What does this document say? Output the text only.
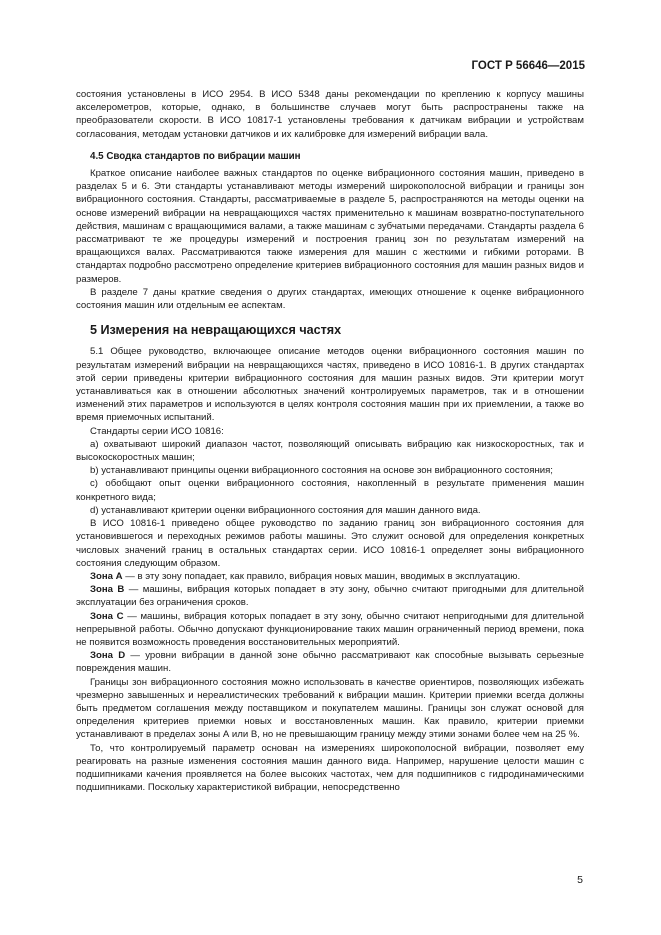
ГОСТ Р 56646—2015

состояния установлены в ИСО 2954. В ИСО 5348 даны рекомендации по креплению к корпусу машины акселерометров, которые, однако, в большинстве случаев могут быть распространены также на преобразователи скорости. В ИСО 10817-1 установлены требования к датчикам вибрации и устройствам согласования, методам установки датчиков и их калибровке для измерений вибрации вала.

4.5 Сводка стандартов по вибрации машин

Краткое описание наиболее важных стандартов по оценке вибрационного состояния машин, приведено в разделах 5 и 6. Эти стандарты устанавливают методы измерений широкополосной вибрации и границы зон вибрационного состояния. Стандарты, рассматриваемые в разделе 5, распространяются на методы оценки на основе измерений вибрации на невращающихся частях применительно к машинам возвратно-поступательного действия, машинам с вращающимися валами, а также машинам с зубчатыми передачами. Стандарты раздела 6 рассматривают те же процедуры измерений и построения границ зон по результатам измерений на вращающихся валах. Рассматриваются также измерения для машин с жесткими и гибкими роторами. В стандартах подробно рассмотрено определение критериев вибрационного состояния для машин разных видов и размеров.

В разделе 7 даны краткие сведения о других стандартах, имеющих отношение к оценке вибрационного состояния машин или отдельным ее аспектам.

5 Измерения на невращающихся частях

5.1 Общее руководство, включающее описание методов оценки вибрационного состояния машин по результатам измерений вибрации на невращающихся частях, приведено в ИСО 10816-1. В других стандартах этой серии приведены критерии вибрационного состояния для машин разных видов. Эти критерии могут устанавливаться как в отношении абсолютных значений контролируемых параметров, так и в отношении изменений этих параметров и используются в целях контроля состояния машин при их приемлении, а также во время приемочных испытаний.

Стандарты серии ИСО 10816:

a) охватывают широкий диапазон частот, позволяющий описывать вибрацию как низкоскоростных, так и высокоскоростных машин;

b) устанавливают принципы оценки вибрационного состояния на основе зон вибрационного состояния;

c) обобщают опыт оценки вибрационного состояния, накопленный в результате применения машин конкретного вида;

d) устанавливают критерии оценки вибрационного состояния для машин данного вида.

В ИСО 10816-1 приведено общее руководство по заданию границ зон вибрационного состояния для установившегося и переходных режимов работы машины. Это служит основой для определения конкретных числовых значений границ в остальных стандартах серии. ИСО 10816-1 определяет зоны вибрационного состояния следующим образом.

Зона А — в эту зону попадает, как правило, вибрация новых машин, вводимых в эксплуатацию.

Зона В — машины, вибрация которых попадает в эту зону, обычно считают пригодными для длительной эксплуатации без ограничения сроков.

Зона С — машины, вибрация которых попадает в эту зону, обычно считают непригодными для длительной непрерывной работы. Обычно допускают функционирование таких машин ограниченный период времени, пока не появится возможность проведения восстановительных мероприятий.

Зона D — уровни вибрации в данной зоне обычно рассматривают как способные вызывать серьезные повреждения машин.

Границы зон вибрационного состояния можно использовать в качестве ориентиров, позволяющих избежать чрезмерно завышенных и нереалистических требований к вибрации машин. Критерии приемки всегда должны быть предметом соглашения между поставщиком и покупателем машины. Границы зон служат основой для определения критериев приемки новых и восстановленных машин. Как правило, критерии приемки устанавливают в пределах зоны А или В, но не превышающим границу между этими зонами более чем на 25 %.

То, что контролируемый параметр основан на измерениях широкополосной вибрации, позволяет ему реагировать на разные изменения состояния машин данного вида. Например, нарушение целости машин с подшипниками качения проявляется на более высоких частотах, чем для подшипников с гидродинамическими подшипниками. Поскольку характеристикой вибрации, непосредственно

5
